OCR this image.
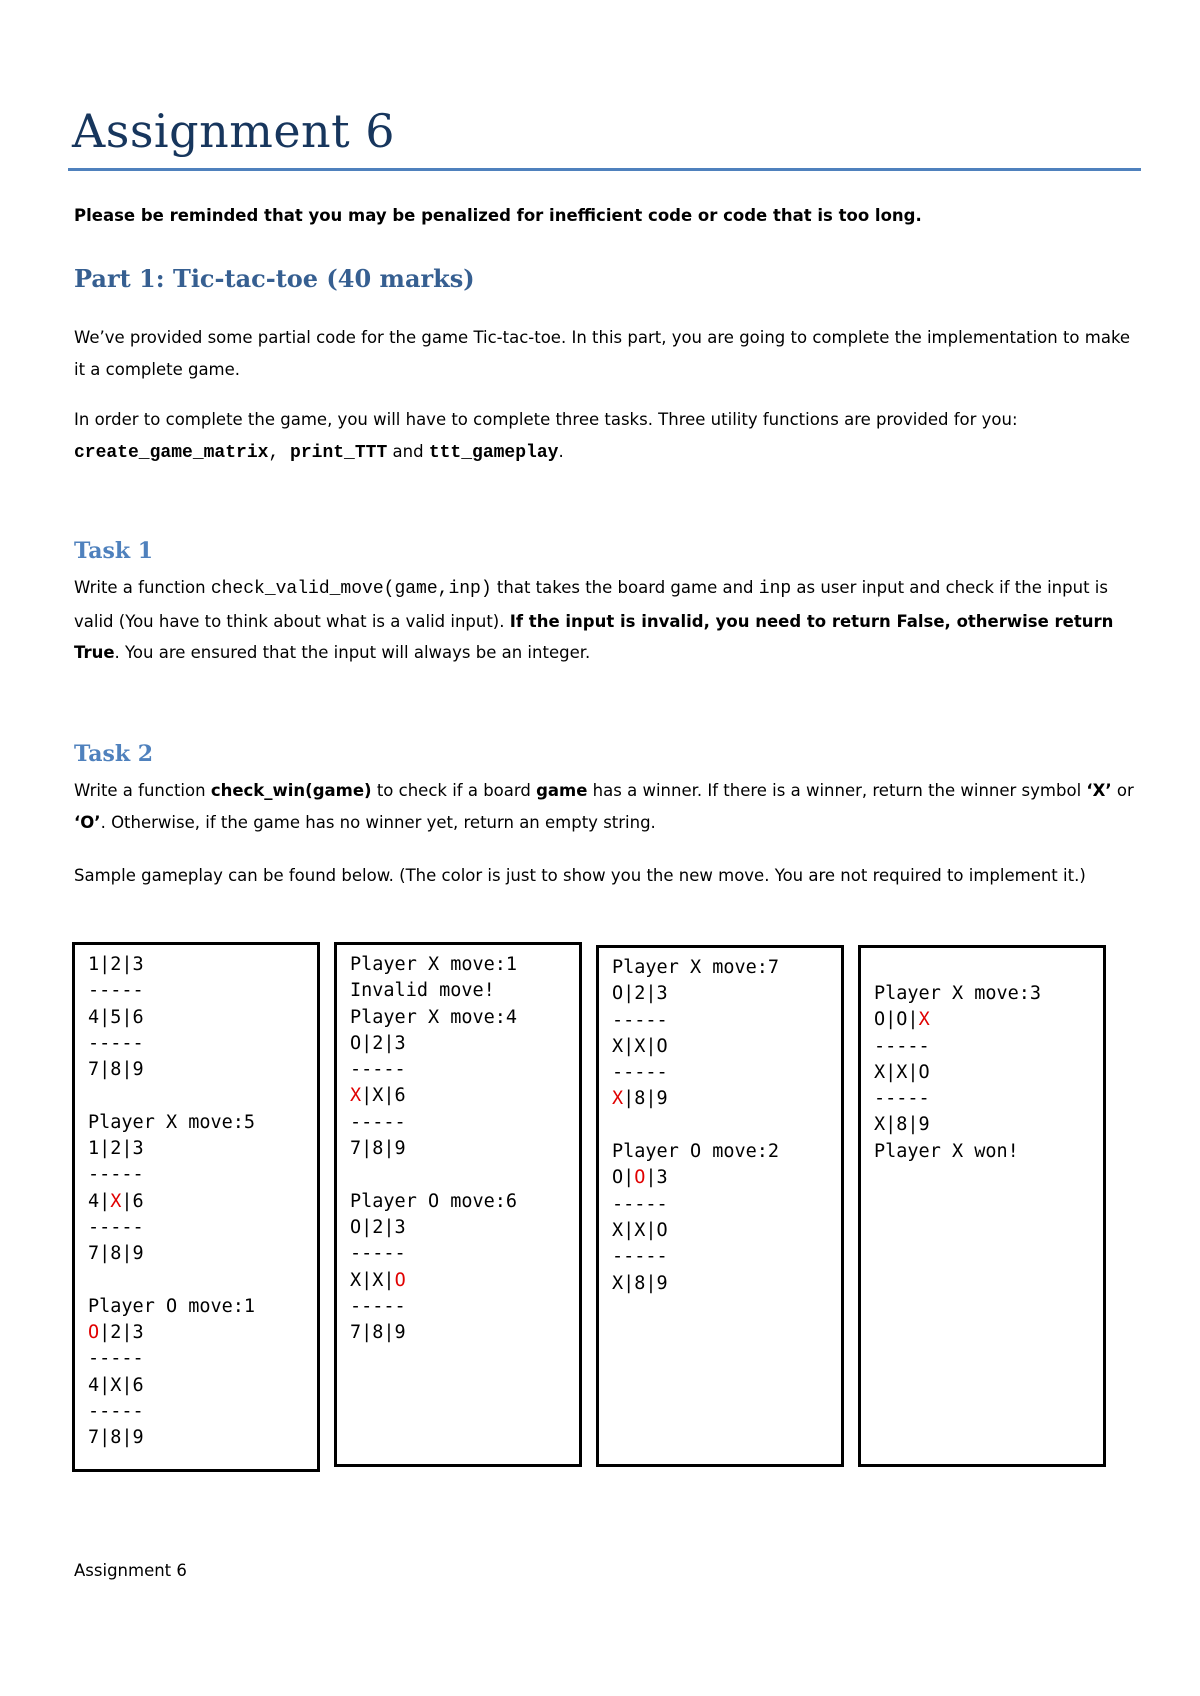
Assignment 6
Please be reminded that you may be penalized for inefficient code or code that is too long.
Part 1: Tic-tac-toe (40 marks)

We’ve provided some partial code for the game Tic-tac-toe. In this part, you are going to complete the implementation to make it a complete game.

In order to complete the game, you will have to complete three tasks. Three utility functions are provided for you:
create_game_matrix, print_TTT and ttt_gameplay.

Task 1

Write a function check_valid_move(game,inp) that takes the board game and inp as user input and check if the input is valid (You have to think about what is a valid input). If the input is invalid, you need to return False, otherwise return True. You are ensured that the input will always be an integer.

Task 2

Write a function check_win(game) to check if a board game has a winner. If there is a winner, return the winner symbol ‘X’ or ‘O’. Otherwise, if the game has no winner yet, return an empty string.

Sample gameplay can be found below. (The color is just to show you the new move. You are not required to implement it.)

1|2|3
-----
4|5|6
-----
7|8|9
Player X move:5
1|2|3
-----
4|X|6
-----
7|8|9
Player O move:1
O|2|3
-----
4|X|6
-----
7|8|9
Player X move:1
Invalid move!
Player X move:4
O|2|3
-----
X|X|6
-----
7|8|9
Player O move:6
O|2|3
-----
X|X|O
-----
7|8|9
Player X move:7
O|2|3
-----
X|X|O
-----
X|8|9
Player O move:2
O|O|3
-----
X|X|O
-----
X|8|9
Player X move:3
O|O|X
-----
X|X|O
-----
X|8|9
Player X won!
Assignment 6
